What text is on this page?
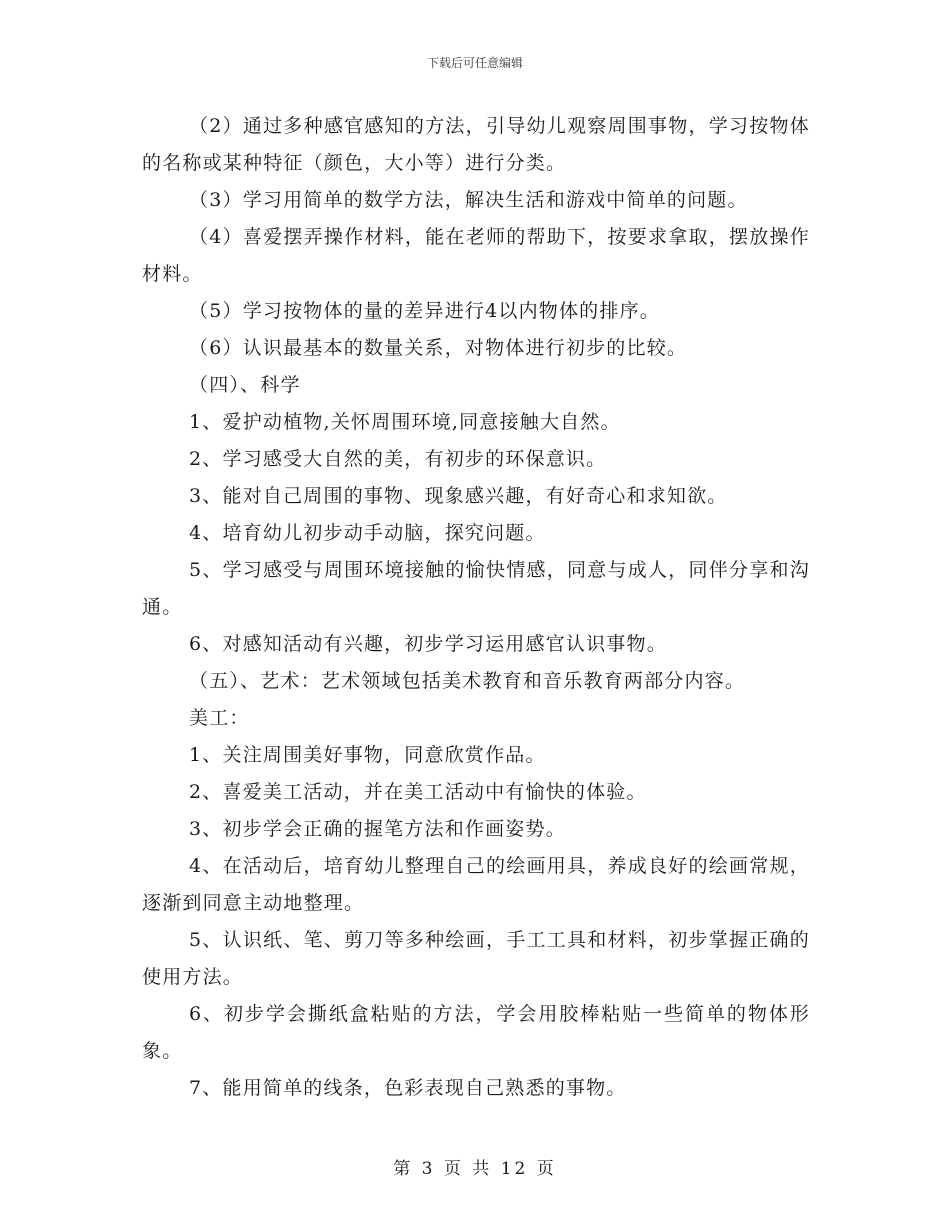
下载后可任意编辑

（2）通过多种感官感知的方法，引导幼儿观察周围事物，学习按物体的名称或某种特征（颜色，大小等）进行分类。

（3）学习用简单的数学方法，解决生活和游戏中简单的问题。

（4）喜爱摆弄操作材料，能在老师的帮助下，按要求拿取，摆放操作材料。

（5）学习按物体的量的差异进行4以内物体的排序。

（6）认识最基本的数量关系，对物体进行初步的比较。

（四）、科学

1、爱护动植物,关怀周围环境,同意接触大自然。

2、学习感受大自然的美，有初步的环保意识。

3、能对自己周围的事物、现象感兴趣，有好奇心和求知欲。

4、培育幼儿初步动手动脑，探究问题。

5、学习感受与周围环境接触的愉快情感，同意与成人，同伴分享和沟通。

6、对感知活动有兴趣，初步学习运用感官认识事物。

（五）、艺术：艺术领域包括美术教育和音乐教育两部分内容。

美工：

1、关注周围美好事物，同意欣赏作品。

2、喜爱美工活动，并在美工活动中有愉快的体验。

3、初步学会正确的握笔方法和作画姿势。

4、在活动后，培育幼儿整理自己的绘画用具，养成良好的绘画常规，逐渐到同意主动地整理。

5、认识纸、笔、剪刀等多种绘画，手工工具和材料，初步掌握正确的使用方法。

6、初步学会撕纸盒粘贴的方法，学会用胶棒粘贴一些简单的物体形象。

7、能用简单的线条，色彩表现自己熟悉的事物。

第 3 页 共 12 页
